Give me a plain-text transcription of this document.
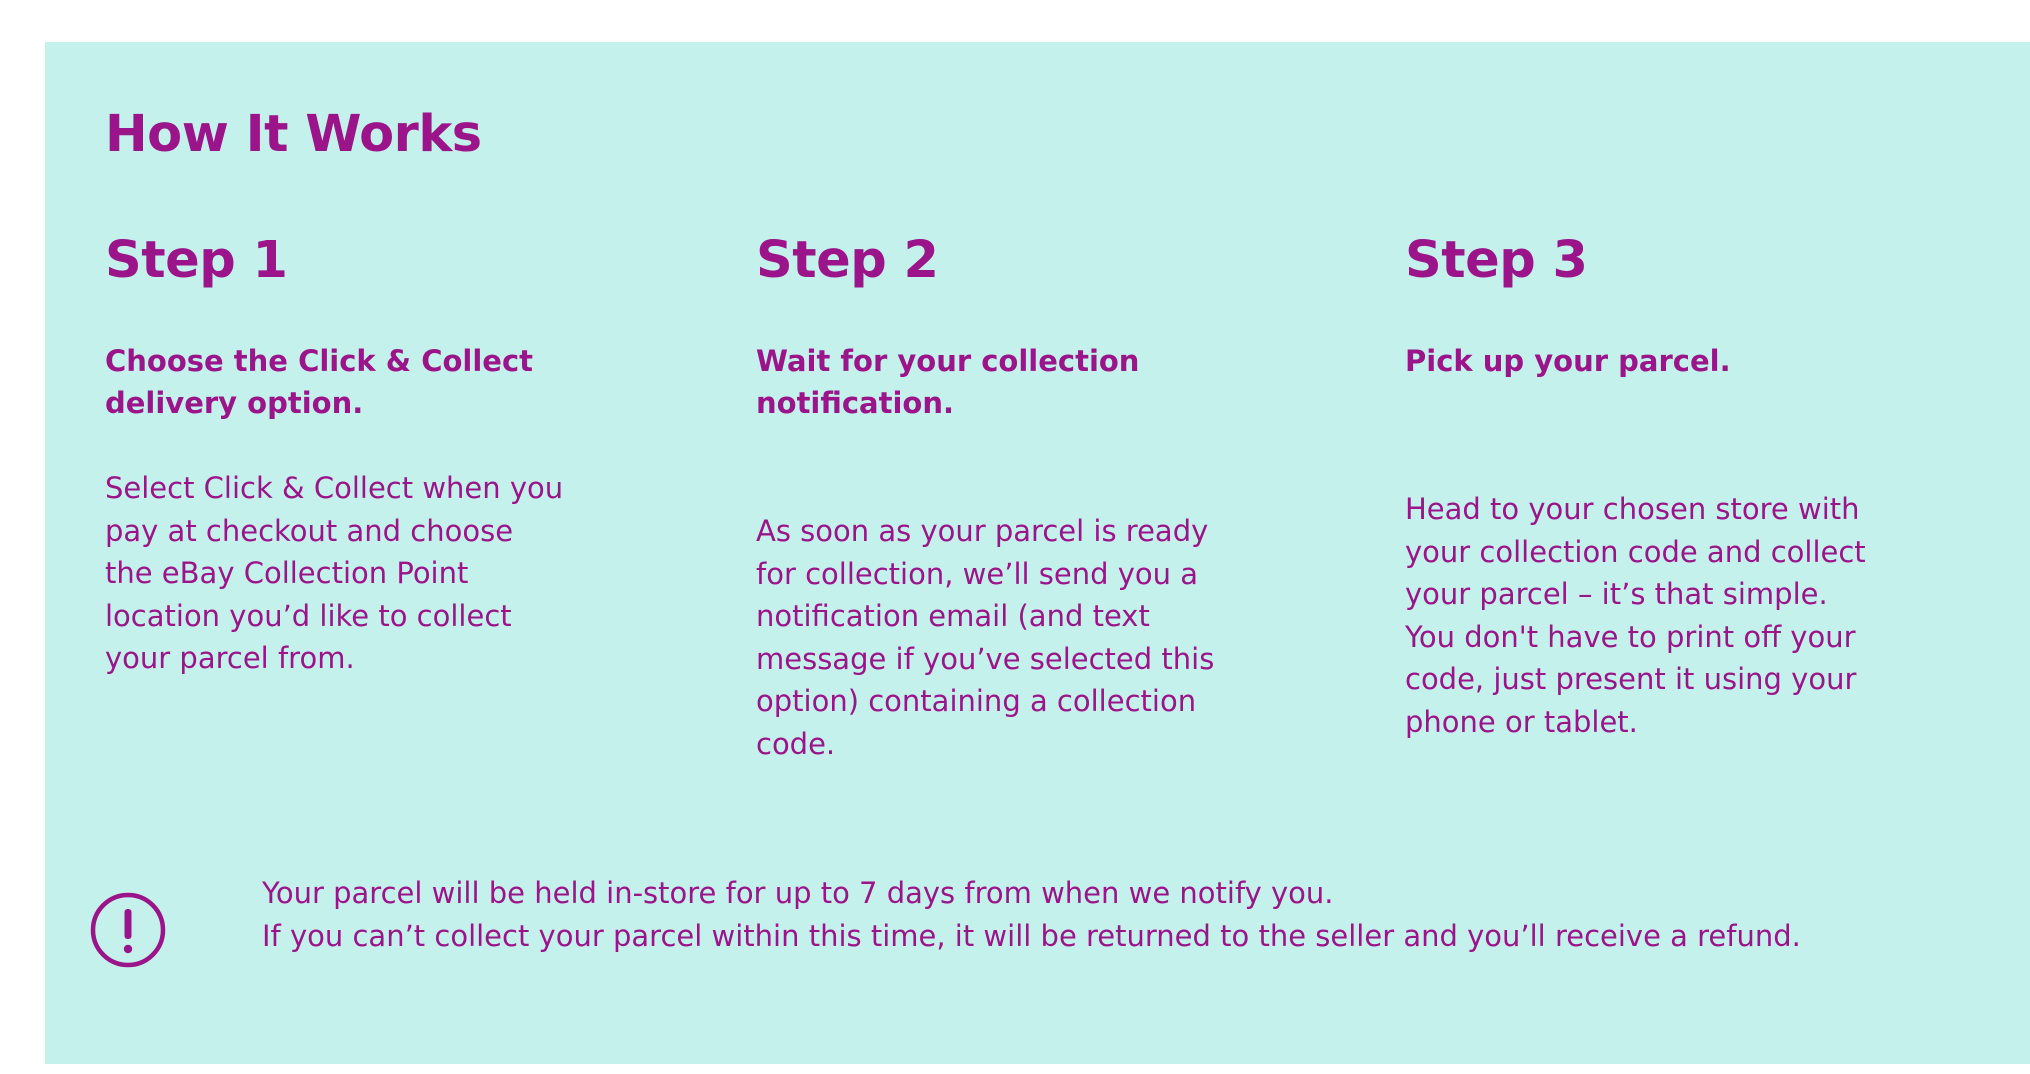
How It Works
Step 1

Choose the Click & Collect delivery option.

Select Click & Collect when you pay at checkout and choose the eBay Collection Point location you’d like to collect your parcel from.

Step 2

Wait for your collection notification.

As soon as your parcel is ready for collection, we’ll send you a notification email (and text message if you’ve selected this option) containing a collection code.

Step 3

Pick up your parcel.

Head to your chosen store with your collection code and collect your parcel – it’s that simple. You don't have to print off your code, just present it using your phone or tablet.

Your parcel will be held in-store for up to 7 days from when we notify you.
If you can’t collect your parcel within this time, it will be returned to the seller and you’ll receive a refund.
